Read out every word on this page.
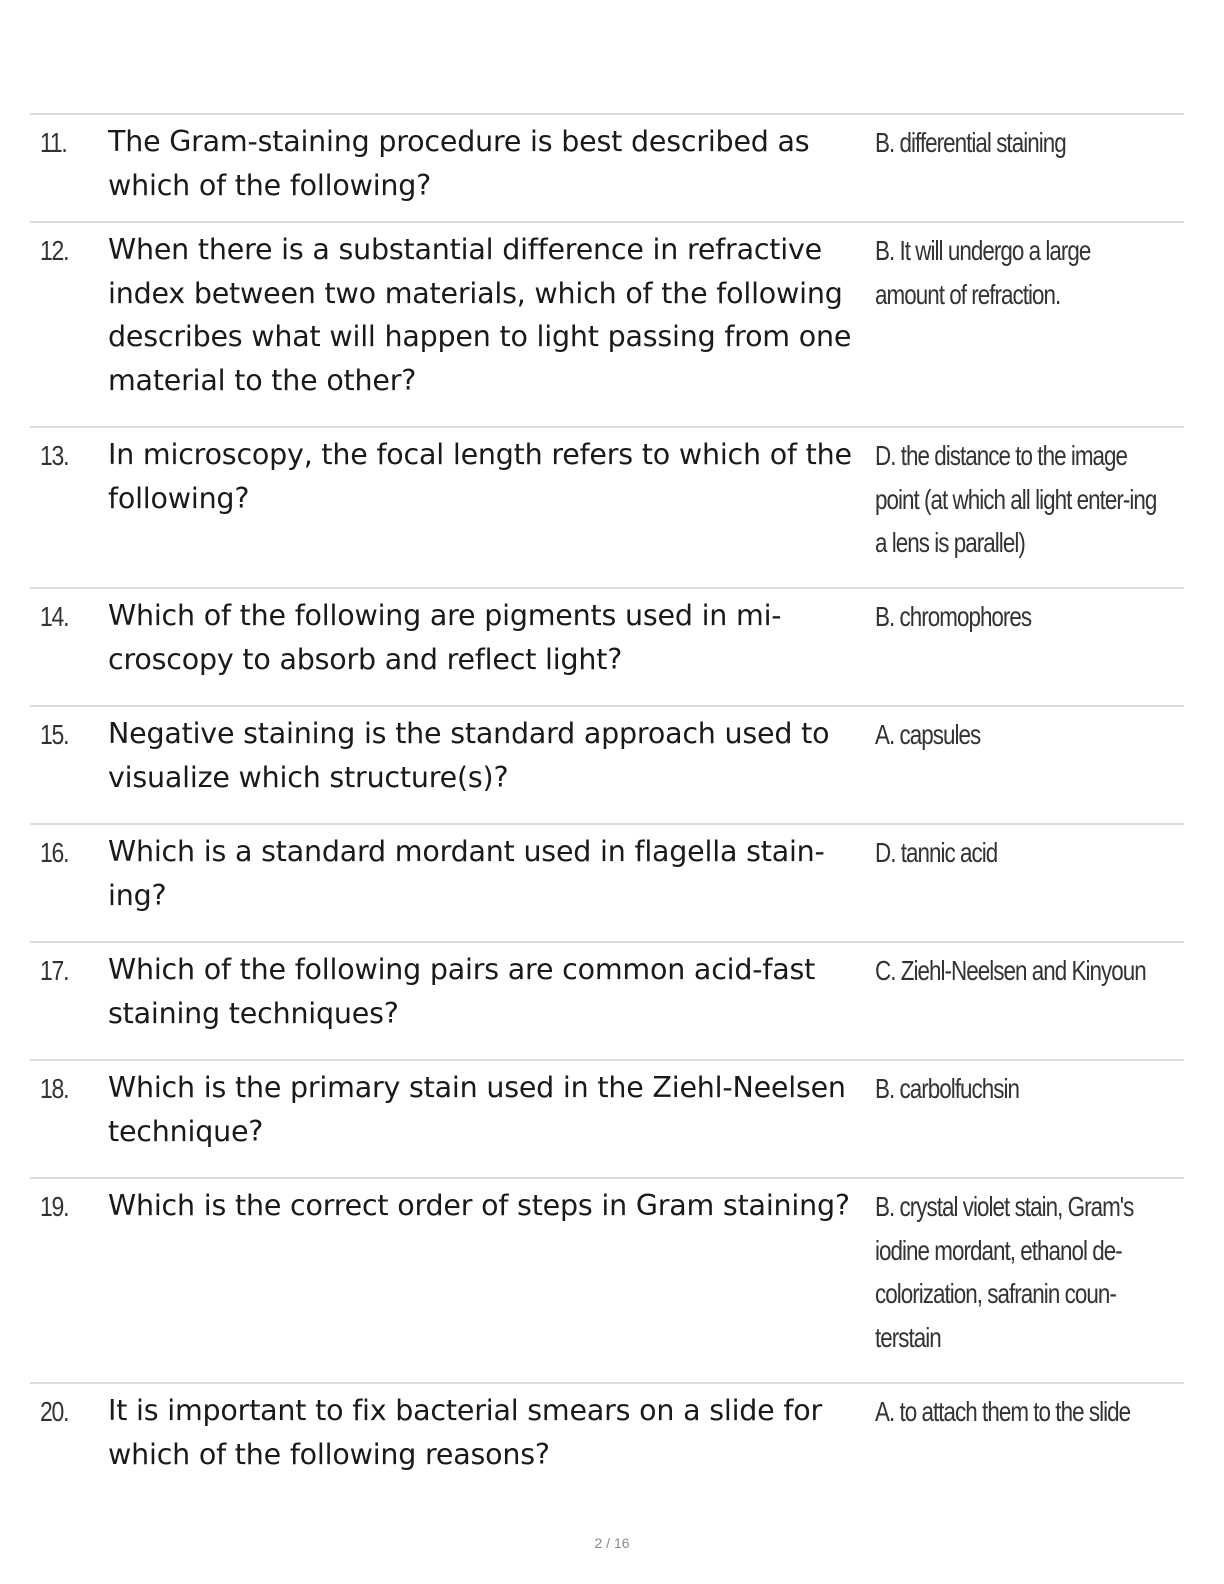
11. The Gram-staining procedure is best described as which of the following?
B. differential staining
12. When there is a substantial difference in refractive index between two materials, which of the following describes what will happen to light passing from one material to the other?
B. It will undergo a large amount of refraction.
13. In microscopy, the focal length refers to which of the following?
D. the distance to the image point (at which all light enter-ing a lens is parallel)
14. Which of the following are pigments used in mi-croscopy to absorb and reflect light?
B. chromophores
15. Negative staining is the standard approach used to visualize which structure(s)?
A. capsules
16. Which is a standard mordant used in flagella stain-ing?
D. tannic acid
17. Which of the following pairs are common acid-fast staining techniques?
C. Ziehl-Neelsen and Kinyoun
18. Which is the primary stain used in the Ziehl-Neelsen technique?
B. carbolfuchsin
19. Which is the correct order of steps in Gram staining? B. crystal violet stain, Gram's iodine mordant, ethanol de-colorization, safranin coun-terstain
20. It is important to fix bacterial smears on a slide for which of the following reasons?
A. to attach them to the slide
2 / 16
